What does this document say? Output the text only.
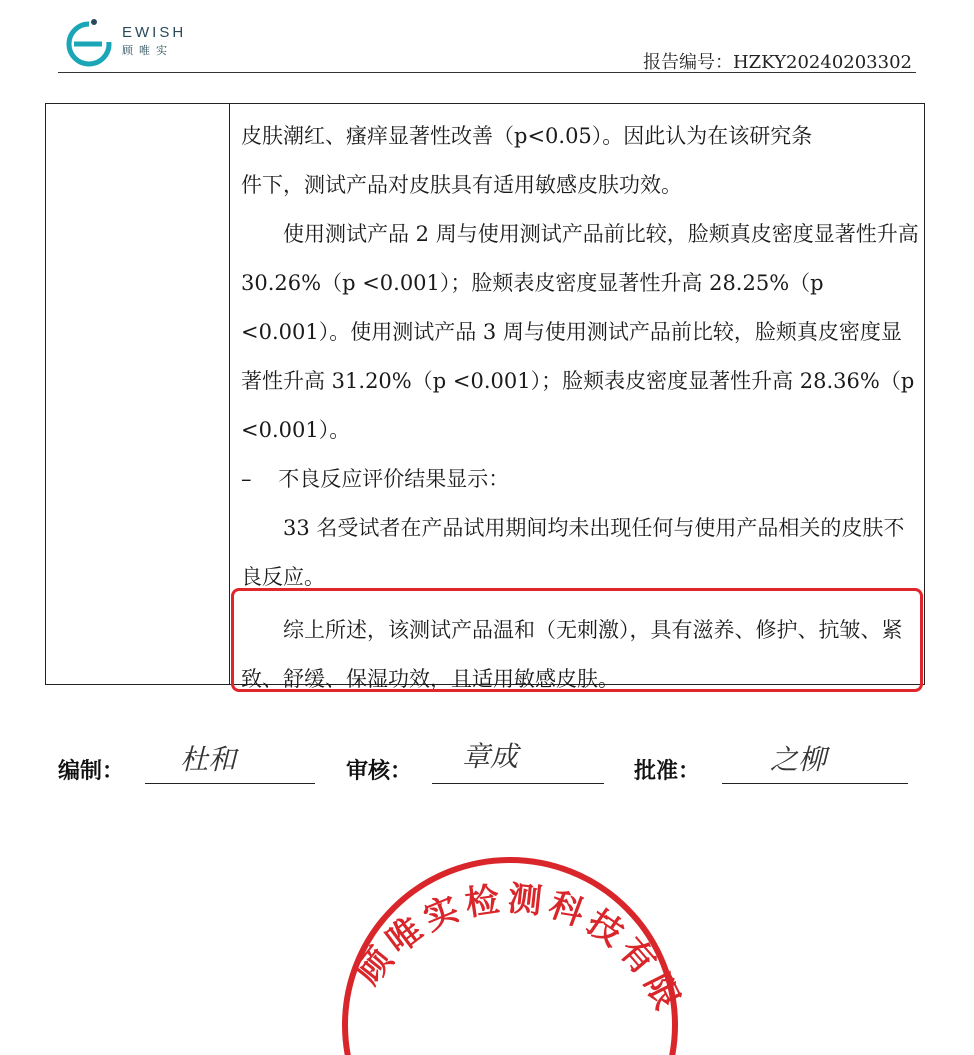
EWISH
顾唯实
报告编号：HZKY20240203302

皮肤潮红、瘙痒显著性改善（p<0.05）。因此认为在该研究条

件下，测试产品对皮肤具有适用敏感皮肤功效。

使用测试产品 2 周与使用测试产品前比较，脸颊真皮密度显著性升高 30.26%（p <0.001）；脸颊表皮密度显著性升高 28.25%（p <0.001）。使用测试产品 3 周与使用测试产品前比较，脸颊真皮密度显著性升高 31.20%（p <0.001）；脸颊表皮密度显著性升高 28.36%（p <0.001）。

– 不良反应评价结果显示：

33 名受试者在产品试用期间均未出现任何与使用产品相关的皮肤不良反应。

综上所述，该测试产品温和（无刺激），具有滋养、修护、抗皱、紧致、舒缓、保湿功效，且适用敏感皮肤。

编制： 杜和	审核： 章成	批准： 之柳
顾唯实检测科技有限
